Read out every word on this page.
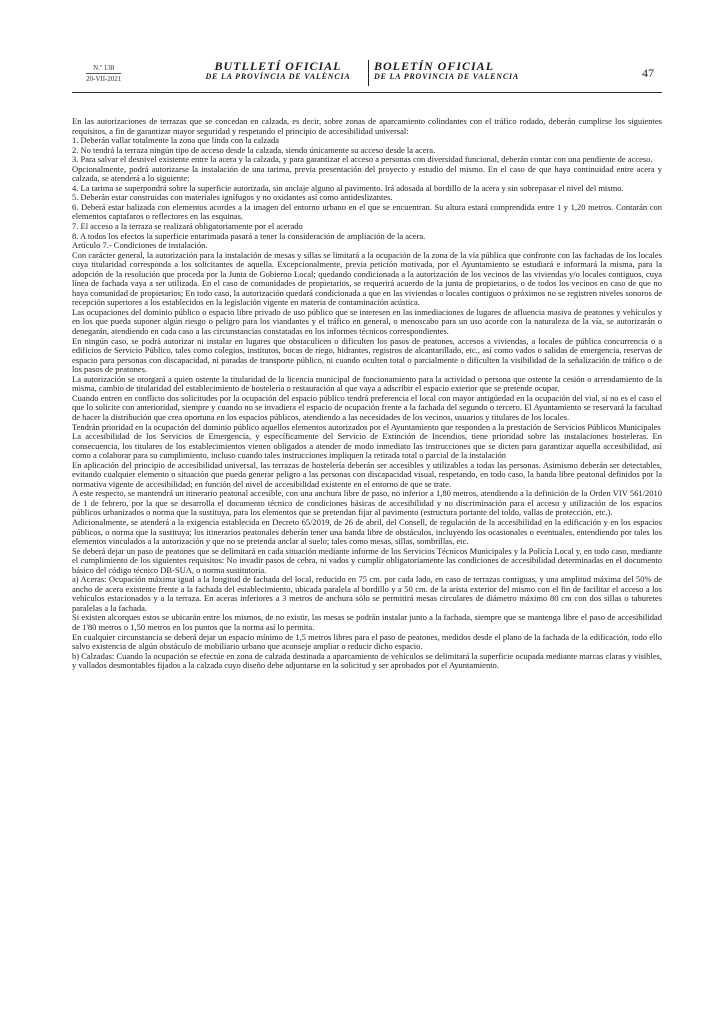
N.º 138
20-VII-2021
BUTLLETÍ OFICIAL
DE LA PROVÍNCIA DE VALÈNCIA
BOLETÍN OFICIAL
DE LA PROVINCIA DE VALENCIA	47

En las autorizaciones de terrazas que se concedan en calzada, es decir, sobre zonas de aparcamiento colindantes con el tráfico rodado, deberán cumplirse los siguientes requisitos, a fin de garantizar mayor seguridad y respetando el principio de accesibilidad universal:

1. Deberán vallar totalmente la zona que linda con la calzada

2. No tendrá la terraza ningún tipo de acceso desde la calzada, siendo únicamente su acceso desde la acera.

3. Para salvar el desnivel existente entre la acera y la calzada, y para garantizar el acceso a personas con diversidad funcional, deberán contar con una pendiente de acceso.

Opcionalmente, podrá autorizarse la instalación de una tarima, previa presentación del proyecto y estudio del mismo. En el caso de que haya continuidad entre acera y calzada, se atenderá a lo siguiente:

4. La tarima se superpondrá sobre la superficie autorizada, sin anclaje alguno al pavimento. Irá adosada al bordillo de la acera y sin sobrepasar el nivel del mismo.

5. Deberán estar construidas con materiales ignífugos y no oxidantes así como antideslizantes.

6. Deberá estar balizada con elementos acordes a la imagen del entorno urbano en el que se encuentran. Su altura estará comprendida entre 1 y 1,20 metros. Contarán con elementos captafaros o reflectores en las esquinas.

7. El acceso a la terraza se realizará obligatoriamente por el acerado

8. A todos los efectos la superficie entarimada pasará a tener la consideración de ampliación de la acera.

Artículo 7.- Condiciones de instalación.

Con carácter general, la autorización para la instalación de mesas y sillas se limitará a la ocupación de la zona de la vía pública que confronte con las fachadas de los locales cuya titularidad corresponda a los solicitantes de aquella. Excepcionalmente, previa petición motivada, por el Ayuntamiento se estudiará e informará la misma, para la adopción de la resolución que proceda por la Junta de Gobierno Local; quedando condicionada a la autorización de los vecinos de las viviendas y/o locales contiguos, cuya línea de fachada vaya a ser utilizada. En el caso de comunidades de propietarios, se requerirá acuerdo de la junta de propietarios, o de todos los vecinos en caso de que no haya comunidad de propietarios; En todo caso, la autorización quedará condicionada a que en las viviendas o locales contiguos o próximos no se registren niveles sonoros de recepción superiores a los establecidos en la legislación vigente en materia de contaminación acústica.

Las ocupaciones del dominio público o espacio libre privado de uso público que se interesen en las inmediaciones de lugares de afluencia masiva de peatones y vehículos y en los que pueda suponer algún riesgo o peligro para los viandantes y el tráfico en general, o menoscabo para un uso acorde con la naturaleza de la vía, se autorizarán o denegarán, atendiendo en cada caso a las circunstancias constatadas en los informes técnicos correspondientes.

En ningún caso, se podrá autorizar ni instalar en lugares que obstaculicen o dificulten los pasos de peatones, accesos a viviendas, a locales de pública concurrencia o a edificios de Servicio Público, tales como colegios, institutos, bocas de riego, hidrantes, registros de alcantarillado, etc., así como vados o salidas de emergencia, reservas de espacio para personas con discapacidad, ni paradas de transporte público, ni cuando oculten total o parcialmente o dificulten la visibilidad de la señalización de tráfico o de los pasos de peatones.

La autorización se otorgará a quien ostente la titularidad de la licencia municipal de funcionamiento para la actividad o persona que ostente la cesión o arrendamiento de la misma, cambio de titularidad del establecimiento de hostelería o restauración al que vaya a adscribir el espacio exterior que se pretende ocupar.

Cuando entren en conflicto dos solicitudes por la ocupación del espacio público tendrá preferencia el local con mayor antigüedad en la ocupación del vial, si no es el caso el que lo solicite con anterioridad, siempre y cuando no se invadiera el espacio de ocupación frente a la fachada del segundo o tercero. El Ayuntamiento se reservará la facultad de hacer la distribución que crea oportuna en los espacios públicos, atendiendo a las necesidades de los vecinos, usuarios y titulares de los locales.

Tendrán prioridad en la ocupación del dominio público aquellos elementos autorizados por el Ayuntamiento que responden a la prestación de Servicios Públicos Municipales

La accesibilidad de los Servicios de Emergencia, y específicamente del Servicio de Extinción de Incendios, tiene prioridad sobre las instalaciones hosteleras. En consecuencia, los titulares de los establecimientos vienen obligados a atender de modo inmediato las instrucciones que se dicten para garantizar aquella accesibilidad, así como a colaborar para su cumplimiento, incluso cuando tales instrucciones impliquen la retirada total o parcial de la instalación

En aplicación del principio de accesibilidad universal, las terrazas de hostelería deberán ser accesibles y utilizables a todas las personas. Asimismo deberán ser detectables, evitando cualquier elemento o situación que pueda generar peligro a las personas con discapacidad visual, respetando, en todo caso, la banda libre peatonal definidos por la normativa vigente de accesibilidad; en función del nivel de accesibilidad existente en el entorno de que se trate.

A este respecto, se mantendrá un itinerario peatonal accesible, con una anchura libre de paso, no inferior a 1,80 metros, atendiendo a la definición de la Orden VIV 561/2010 de 1 de febrero, por la que se desarrolla el documento técnico de condiciones básicas de accesibilidad y no discriminación para el acceso y utilización de los espacios públicos urbanizados o norma que la sustituya, para los elementos que se pretendan fijar al pavimento (estructura portante del toldo, vallas de protección, etc.).

Adicionalmente, se atenderá a la exigencia establecida en Decreto 65/2019, de 26 de abril, del Consell, de regulación de la accesibilidad en la edificación y en los espacios públicos, o norma que la sustituya; los itinerarios peatonales deberán tener una banda libre de obstáculos, incluyendo los ocasionales o eventuales, entendiendo por tales los elementos vinculados a la autorización y que no se pretenda anclar al suelo; tales como mesas, sillas, sombrillas, etc.

Se deberá dejar un paso de peatones que se delimitará en cada situación mediante informe de los Servicios Técnicos Municipales y la Policía Local y, en todo caso, mediante el cumplimiento de los siguientes requisitos: No invadir pasos de cebra, ni vados y cumplir obligatoriamente las condiciones de accesibilidad determinadas en el documento básico del código técnico DB-SUA, o norma sustitutoria.

a) Aceras: Ocupación máxima igual a la longitud de fachada del local, reducido en 75 cm. por cada lado, en caso de terrazas contiguas, y una amplitud máxima del 50% de ancho de acera existente frente a la fachada del establecimiento, ubicada paralela al bordillo y a 50 cm. de la arista exterior del mismo con el fin de facilitar el acceso a los vehículos estacionados y a la terraza. En aceras inferiores a 3 metros de anchura sólo se permitirá mesas circulares de diámetro máximo 80 cm con dos sillas o taburetes paralelas a la fachada.

Si existen alcorques estos se ubicarán entre los mismos, de no existir, las mesas se podrán instalar junto a la fachada, siempre que se mantenga libre el paso de accesibilidad de 1'80 metros o 1,50 metros en los puntos que la norma así lo permita.

En cualquier circunstancia se deberá dejar un espacio mínimo de 1,5 metros libres para el paso de peatones, medidos desde el plano de la fachada de la edificación, todo ello salvo existencia de algún obstáculo de mobiliario urbano que aconseje ampliar o reducir dicho espacio.

b) Calzadas: Cuando la ocupación se efectúe en zona de calzada destinada a aparcamiento de vehículos se delimitará la superficie ocupada mediante marcas claras y visibles, y vallados desmontables fijados a la calzada cuyo diseño debe adjuntarse en la solicitud y ser aprobados por el Ayuntamiento.
